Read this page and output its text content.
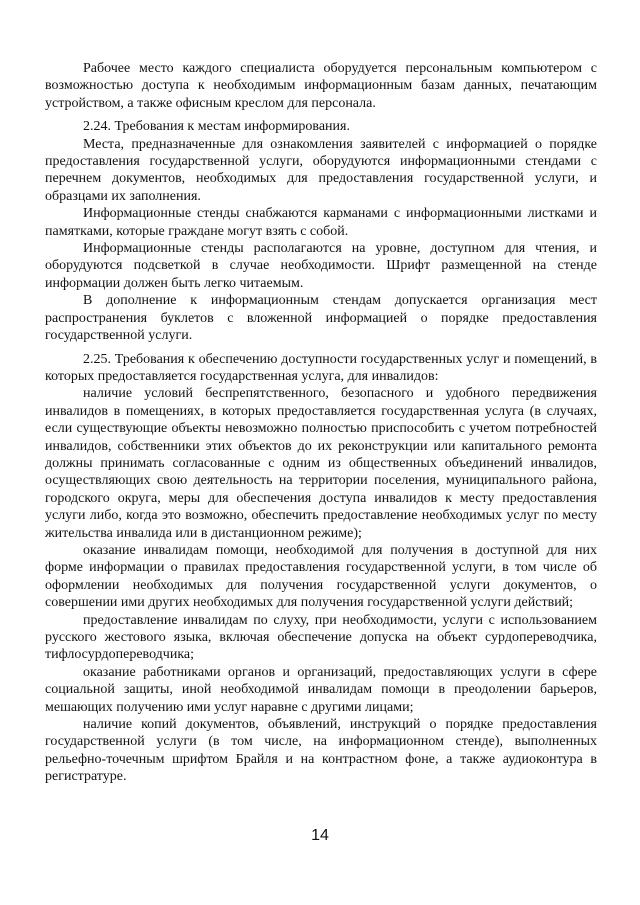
Рабочее место каждого специалиста оборудуется персональным компьютером с возможностью доступа к необходимым информационным базам данных, печатающим устройством, а также офисным креслом для персонала.

2.24. Требования к местам информирования.

Места, предназначенные для ознакомления заявителей с информацией о порядке предоставления государственной услуги, оборудуются информационными стендами с перечнем документов, необходимых для предоставления государственной услуги, и образцами их заполнения.

Информационные стенды снабжаются карманами с информационными листками и памятками, которые граждане могут взять с собой.

Информационные стенды располагаются на уровне, доступном для чтения, и оборудуются подсветкой в случае необходимости. Шрифт размещенной на стенде информации должен быть легко читаемым.

В дополнение к информационным стендам допускается организация мест распространения буклетов с вложенной информацией о порядке предоставления государственной услуги.

2.25. Требования к обеспечению доступности государственных услуг и помещений, в которых предоставляется государственная услуга, для инвалидов:

наличие условий беспрепятственного, безопасного и удобного передвижения инвалидов в помещениях, в которых предоставляется государственная услуга (в случаях, если существующие объекты невозможно полностью приспособить с учетом потребностей инвалидов, собственники этих объектов до их реконструкции или капитального ремонта должны принимать согласованные с одним из общественных объединений инвалидов, осуществляющих свою деятельность на территории поселения, муниципального района, городского округа, меры для обеспечения доступа инвалидов к месту предоставления услуги либо, когда это возможно, обеспечить предоставление необходимых услуг по месту жительства инвалида или в дистанционном режиме);

оказание инвалидам помощи, необходимой для получения в доступной для них форме информации о правилах предоставления государственной услуги, в том числе об оформлении необходимых для получения государственной услуги документов, о совершении ими других необходимых для получения государственной услуги действий;

предоставление инвалидам по слуху, при необходимости, услуги с использованием русского жестового языка, включая обеспечение допуска на объект сурдопереводчика, тифлосурдопереводчика;

оказание работниками органов и организаций, предоставляющих услуги в сфере социальной защиты, иной необходимой инвалидам помощи в преодолении барьеров, мешающих получению ими услуг наравне с другими лицами;

наличие копий документов, объявлений, инструкций о порядке предоставления государственной услуги (в том числе, на информационном стенде), выполненных рельефно-точечным шрифтом Брайля и на контрастном фоне, а также аудиоконтура в регистратуре.

14
